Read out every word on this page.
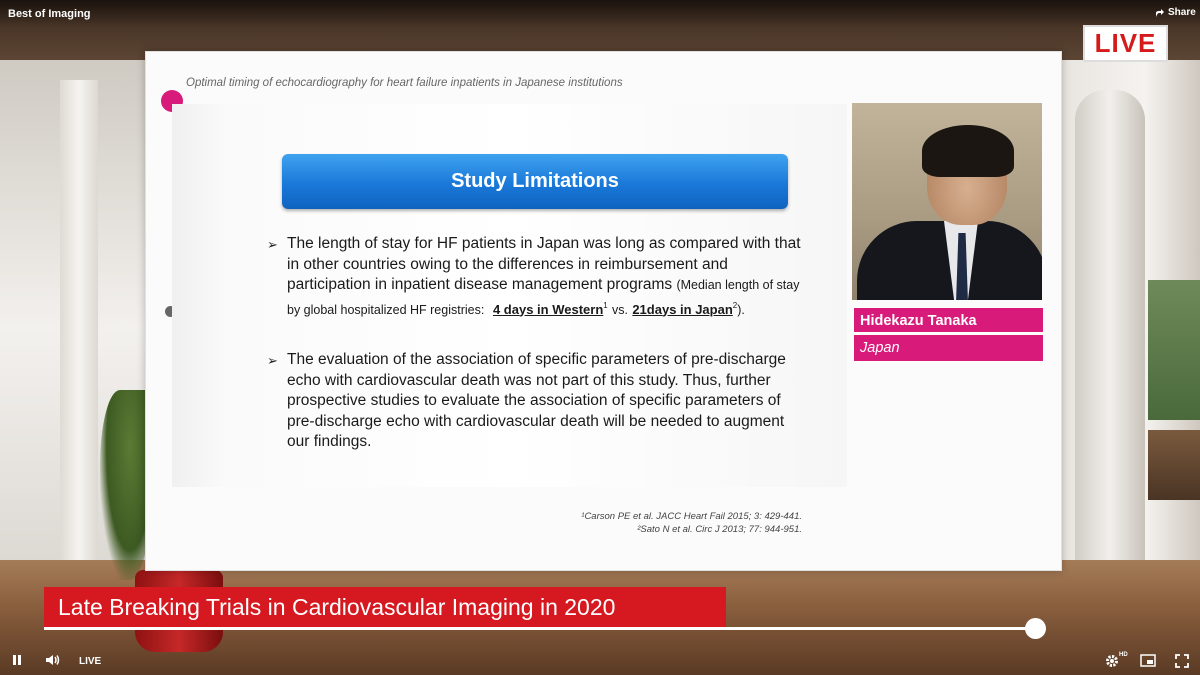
Best of Imaging	Share
LIVE
Optimal timing of echocardiography for heart failure inpatients in Japanese institutions
Study Limitations
➢ The length of stay for HF patients in Japan was long as compared with that in other countries owing to the differences in reimbursement and participation in inpatient disease management programs (Median length of stay by global hospitalized HF registries: 4 days in Western$^1$ vs. 21days in Japan$^2$).
➢ The evaluation of the association of specific parameters of pre-discharge echo with cardiovascular death was not part of this study. Thus, further prospective studies to evaluate the association of specific parameters of pre-discharge echo with cardiovascular death will be needed to augment our findings.

¹Carson PE et al. JACC Heart Fail 2015; 3: 429-441.

²Sato N et al. Circ J 2013; 77: 944-951.

Hidekazu Tanaka
Japan
Late Breaking Trials in Cardiovascular Imaging in 2020
LIVE
HD
